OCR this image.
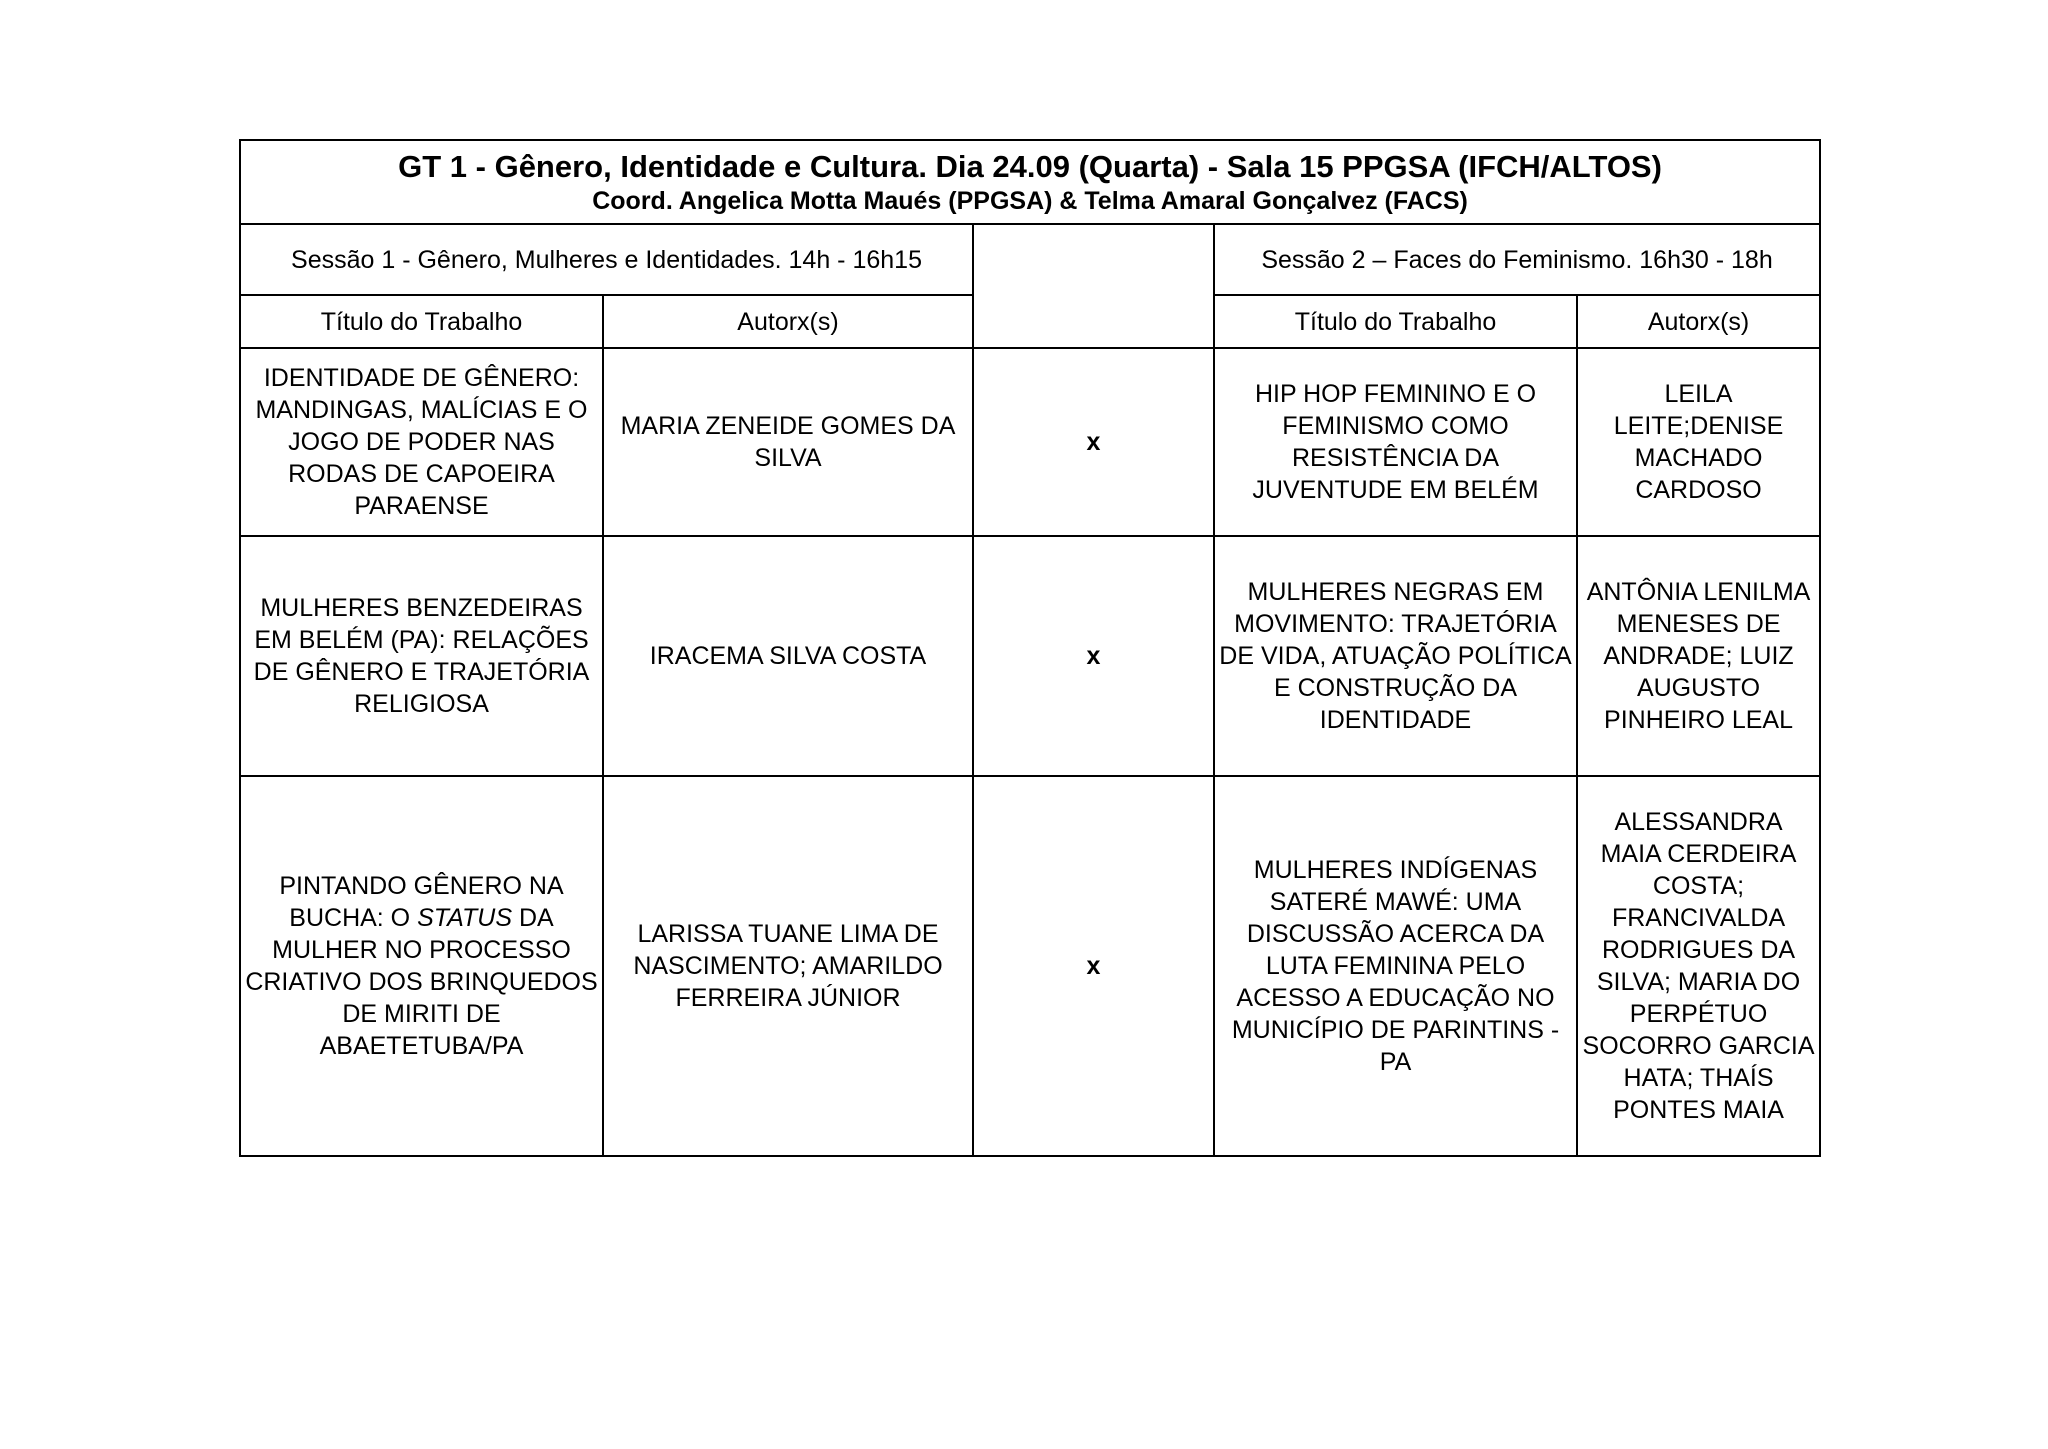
GT 1 - Gênero, Identidade e Cultura. Dia 24.09 (Quarta) - Sala 15 PPGSA (IFCH/ALTOS)
Coord. Angelica Motta Maués (PPGSA) & Telma Amaral Gonçalvez (FACS)				

Sessão 1 - Gênero, Mulheres e Identidades. 14h - 16h15			Sessão 2 – Faces do Feminismo. 16h30 - 18h	
Título do Trabalho	Autorx(s)		Título do Trabalho	Autorx(s)
IDENTIDADE DE GÊNERO: MANDINGAS, MALÍCIAS E O JOGO DE PODER NAS RODAS DE CAPOEIRA PARAENSE	MARIA ZENEIDE GOMES DA SILVA	x	HIP HOP FEMININO E O FEMINISMO COMO RESISTÊNCIA DA JUVENTUDE EM BELÉM	LEILA LEITE;DENISE MACHADO CARDOSO
MULHERES BENZEDEIRAS EM BELÉM (PA): RELAÇÕES DE GÊNERO E TRAJETÓRIA RELIGIOSA	IRACEMA SILVA COSTA	x	MULHERES NEGRAS EM MOVIMENTO: TRAJETÓRIA DE VIDA, ATUAÇÃO POLÍTICA E CONSTRUÇÃO DA IDENTIDADE	ANTÔNIA LENILMA MENESES DE ANDRADE; LUIZ AUGUSTO PINHEIRO LEAL
PINTANDO GÊNERO NA BUCHA: O STATUS DA MULHER NO PROCESSO CRIATIVO DOS BRINQUEDOS DE MIRITI DE ABAETETUBA/PA	LARISSA TUANE LIMA DE NASCIMENTO; AMARILDO FERREIRA JÚNIOR	x	MULHERES INDÍGENAS SATERÉ MAWÉ: UMA DISCUSSÃO ACERCA DA LUTA FEMININA PELO ACESSO A EDUCAÇÃO NO MUNICÍPIO DE PARINTINS - PA	ALESSANDRA MAIA CERDEIRA COSTA; FRANCIVALDA RODRIGUES DA SILVA; MARIA DO PERPÉTUO SOCORRO GARCIA HATA; THAÍS PONTES MAIA
